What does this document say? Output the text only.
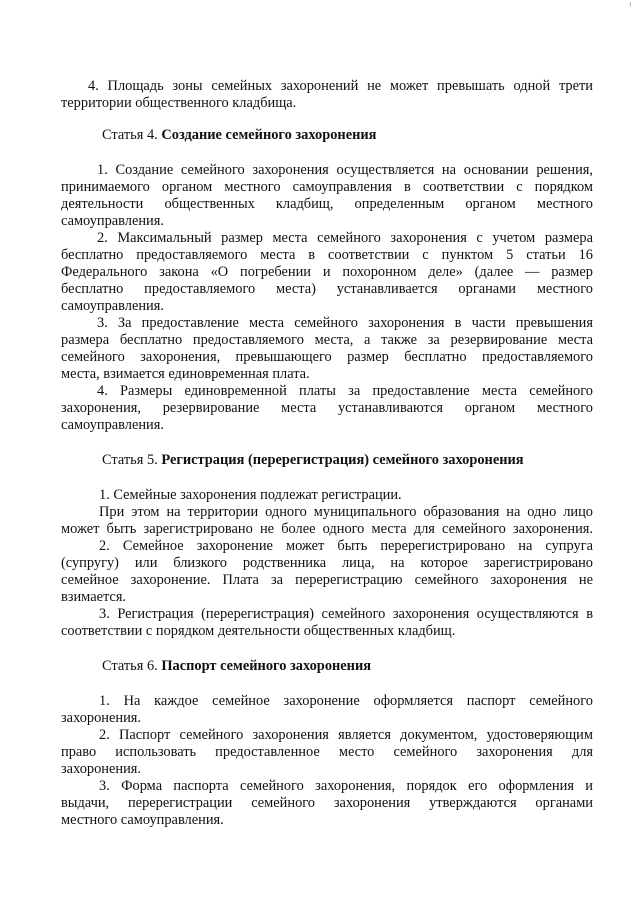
4. Площадь зоны семейных захоронений не может превышать одной трети
территории общественного кладбища.
Статья 4. Создание семейного захоронения
1. Создание семейного захоронения осуществляется на основании решения,
принимаемого органом местного самоуправления в соответствии с порядком
деятельности общественных кладбищ, определенным органом местного
самоуправления.
2. Максимальный размер места семейного захоронения с учетом размера
бесплатно предоставляемого места в соответствии с пунктом 5 статьи 16
Федерального закона «О погребении и похоронном деле» (далее — размер
бесплатно предоставляемого места) устанавливается органами местного
самоуправления.
3. За предоставление места семейного захоронения в части превышения
размера бесплатно предоставляемого места, а также за резервирование места
семейного захоронения, превышающего размер бесплатно предоставляемого
места, взимается единовременная плата.
4. Размеры единовременной платы за предоставление места семейного
захоронения, резервирование места устанавливаются органом местного
самоуправления.
Статья 5. Регистрация (перерегистрация) семейного захоронения
1. Семейные захоронения подлежат регистрации.
При этом на территории одного муниципального образования на одно лицо
может быть зарегистрировано не более одного места для семейного захоронения.
2. Семейное захоронение может быть перерегистрировано на супруга
(супругу) или близкого родственника лица, на которое зарегистрировано
семейное захоронение. Плата за перерегистрацию семейного захоронения не
взимается.
3. Регистрация (перерегистрация) семейного захоронения осуществляются в
соответствии с порядком деятельности общественных кладбищ.
Статья 6. Паспорт семейного захоронения
1. На каждое семейное захоронение оформляется паспорт семейного
захоронения.
2. Паспорт семейного захоронения является документом, удостоверяющим
право использовать предоставленное место семейного захоронения для
захоронения.
3. Форма паспорта семейного захоронения, порядок его оформления и
выдачи, перерегистрации семейного захоронения утверждаются органами
местного самоуправления.
